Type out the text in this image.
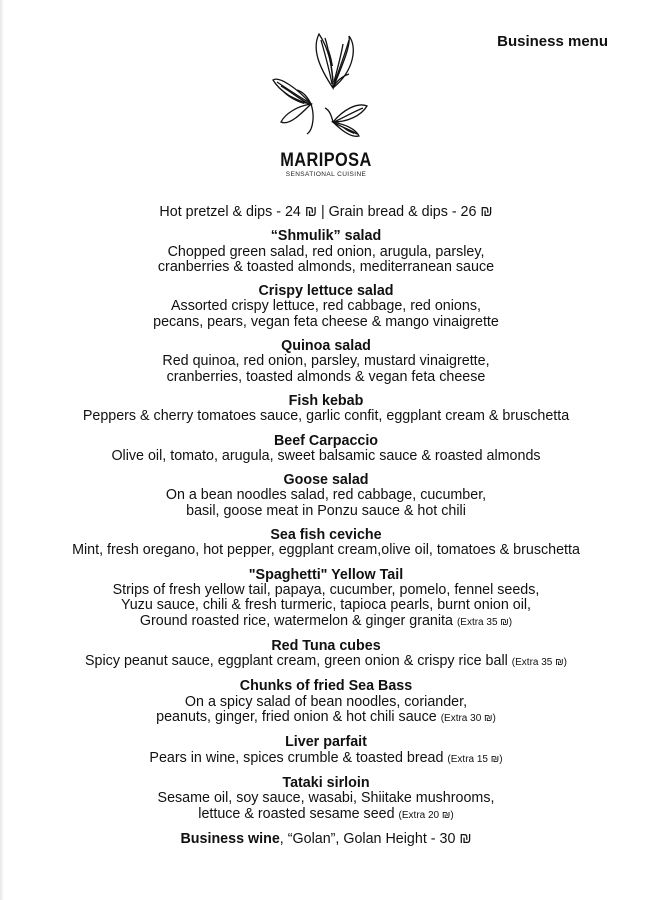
Business menu
MARIPOSA
SENSATIONAL CUISINE
Hot pretzel & dips - 24 ₪ | Grain bread & dips - 26 ₪
“Shmulik” salad
Chopped green salad, red onion, arugula, parsley,
cranberries & toasted almonds, mediterranean sauce
Crispy lettuce salad
Assorted crispy lettuce, red cabbage, red onions,
pecans, pears, vegan feta cheese & mango vinaigrette
Quinoa salad
Red quinoa, red onion, parsley, mustard vinaigrette,
cranberries, toasted almonds & vegan feta cheese
Fish kebab
Peppers & cherry tomatoes sauce, garlic confit, eggplant cream & bruschetta
Beef Carpaccio
Olive oil, tomato, arugula, sweet balsamic sauce & roasted almonds
Goose salad
On a bean noodles salad, red cabbage, cucumber,
basil, goose meat in Ponzu sauce & hot chili
Sea fish ceviche
Mint, fresh oregano, hot pepper, eggplant cream,olive oil, tomatoes & bruschetta
"Spaghetti" Yellow Tail
Strips of fresh yellow tail, papaya, cucumber, pomelo, fennel seeds,
Yuzu sauce, chili & fresh turmeric, tapioca pearls, burnt onion oil,
Ground roasted rice, watermelon & ginger granita (Extra 35 ₪)
Red Tuna cubes
Spicy peanut sauce, eggplant cream, green onion & crispy rice ball (Extra 35 ₪)
Chunks of fried Sea Bass
On a spicy salad of bean noodles, coriander,
peanuts, ginger, fried onion & hot chili sauce (Extra 30 ₪)
Liver parfait
Pears in wine, spices crumble & toasted bread (Extra 15 ₪)
Tataki sirloin
Sesame oil, soy sauce, wasabi, Shiitake mushrooms,
lettuce & roasted sesame seed (Extra 20 ₪)
Business wine, “Golan”, Golan Height - 30 ₪
